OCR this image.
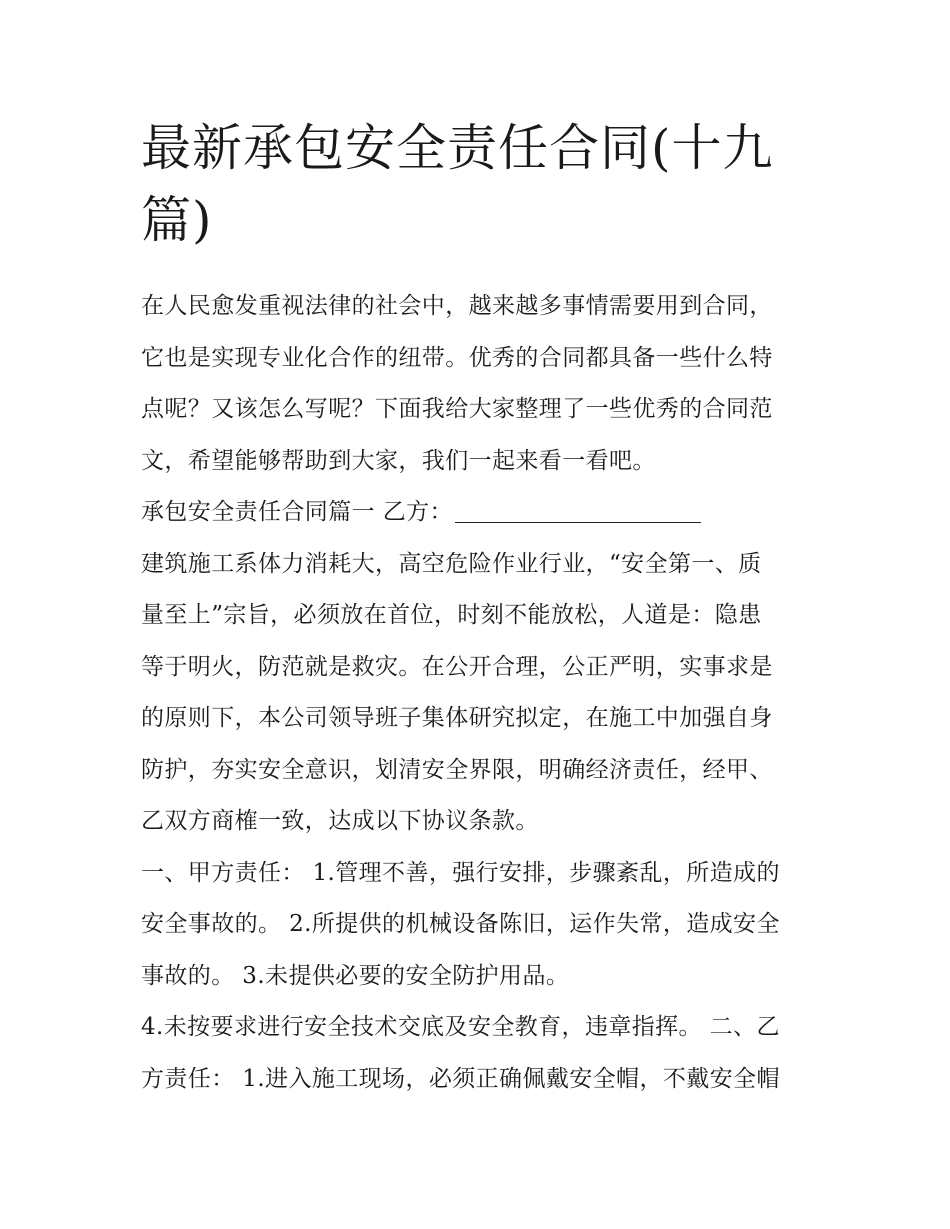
最新承包安全责任合同(十九
篇)
在人民愈发重视法律的社会中，越来越多事情需要用到合同，
它也是实现专业化合作的纽带。优秀的合同都具备一些什么特
点呢？又该怎么写呢？下面我给大家整理了一些优秀的合同范
文，希望能够帮助到大家，我们一起来看一看吧。
承包安全责任合同篇一 乙方：
建筑施工系体力消耗大，高空危险作业行业，“安全第一、质
量至上”宗旨，必须放在首位，时刻不能放松，人道是：隐患
等于明火，防范就是救灾。在公开合理，公正严明，实事求是
的原则下，本公司领导班子集体研究拟定，在施工中加强自身
防护，夯实安全意识，划清安全界限，明确经济责任，经甲、
乙双方商榷一致，达成以下协议条款。
一、甲方责任： 1.管理不善，强行安排，步骤紊乱，所造成的
安全事故的。 2.所提供的机械设备陈旧，运作失常，造成安全
事故的。 3.未提供必要的安全防护用品。
4.未按要求进行安全技术交底及安全教育，违章指挥。 二、乙
方责任： 1.进入施工现场，必须正确佩戴安全帽，不戴安全帽
